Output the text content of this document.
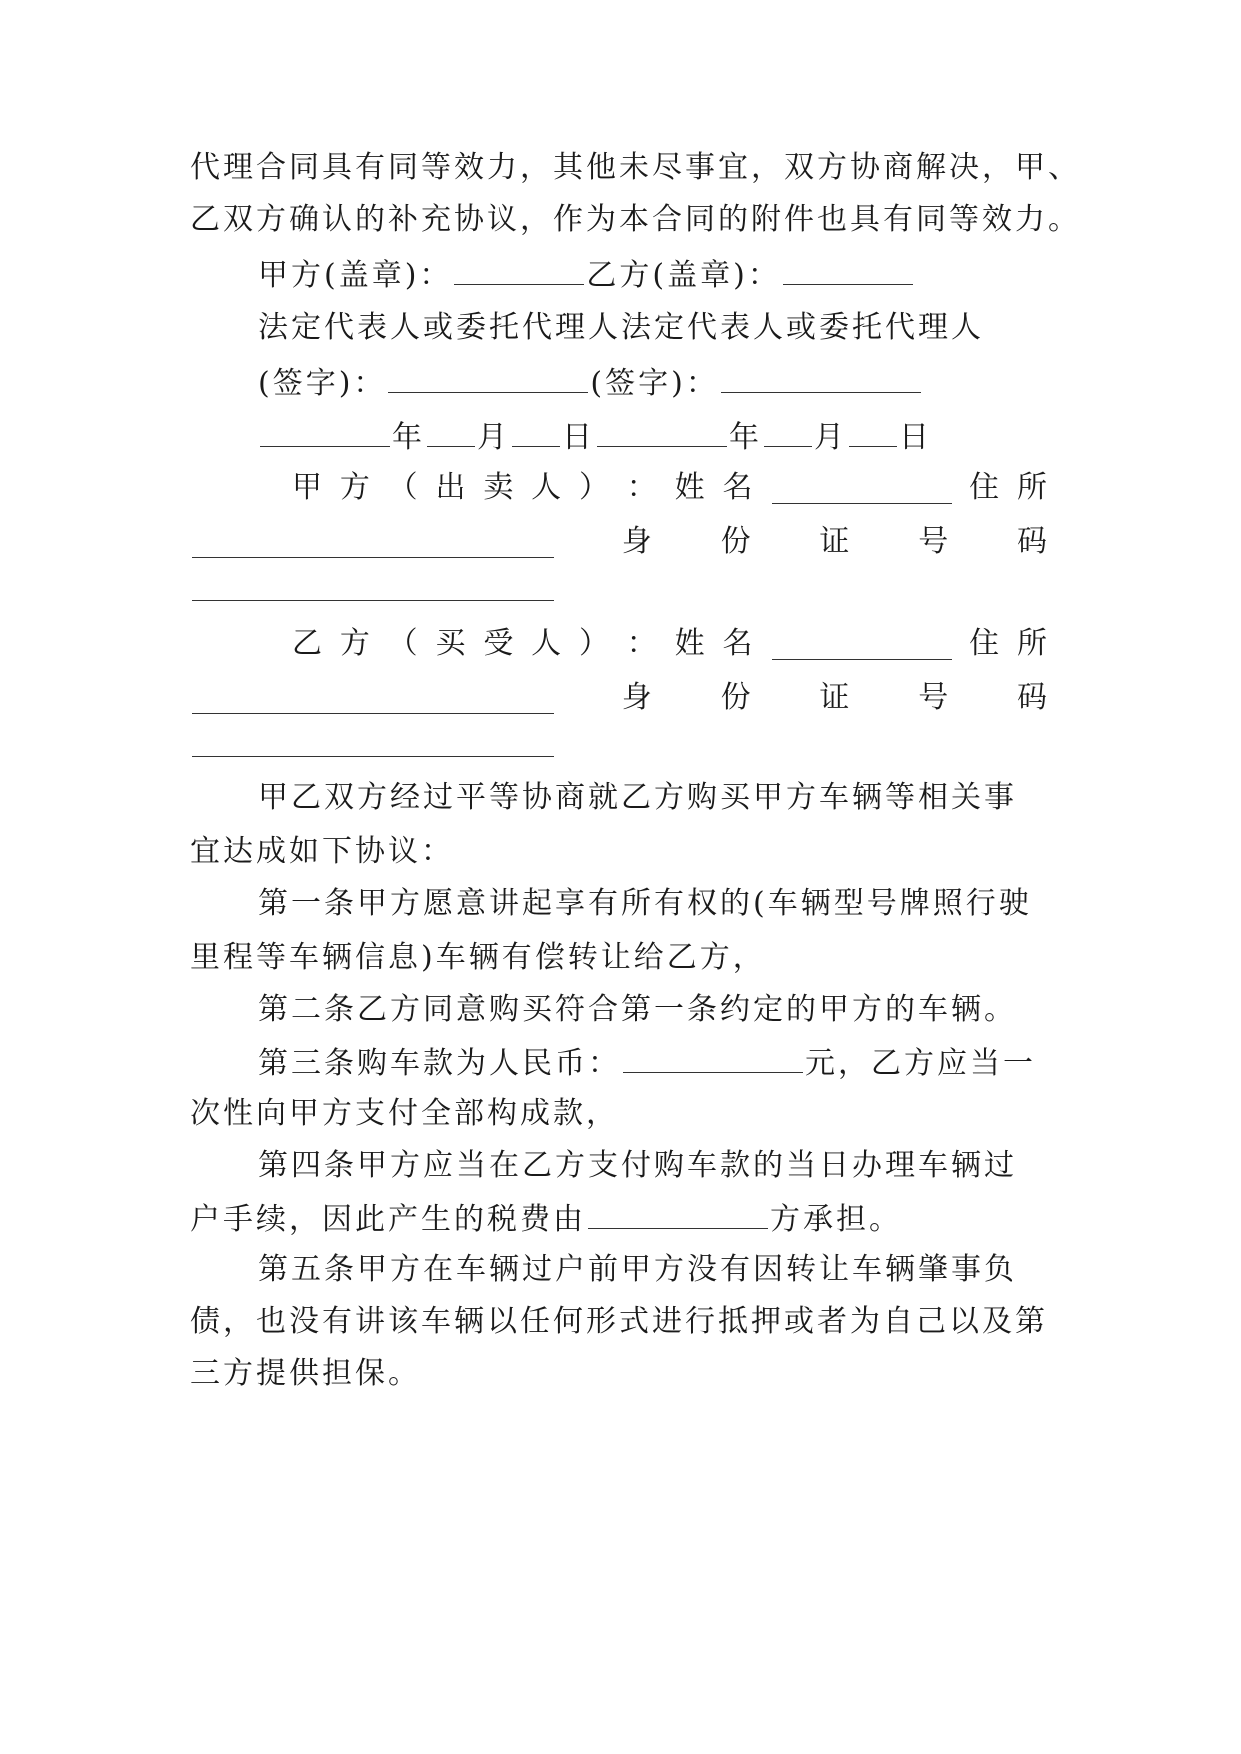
代理合同具有同等效力，其他未尽事宜，双方协商解决，甲、
乙双方确认的补充协议，作为本合同的附件也具有同等效力。
甲方(盖章)：	乙方(盖章)：
法定代表人或委托代理人法定代表人或委托代理人
(签字)：	(签字)：
年 月 日	年 月 日
甲 方 （ 出 卖 人 ） ： 姓 名	住 所
身 份 证 号 码
乙 方 （ 买 受 人 ） ： 姓 名	住 所
身 份 证 号 码
甲乙双方经过平等协商就乙方购买甲方车辆等相关事
宜达成如下协议：
第一条甲方愿意讲起享有所有权的(车辆型号牌照行驶
里程等车辆信息)车辆有偿转让给乙方，
第二条乙方同意购买符合第一条约定的甲方的车辆。
第三条购车款为人民币：	元，乙方应当一
次性向甲方支付全部构成款，
第四条甲方应当在乙方支付购车款的当日办理车辆过
户手续，因此产生的税费由	方承担。
第五条甲方在车辆过户前甲方没有因转让车辆肇事负
债，也没有讲该车辆以任何形式进行抵押或者为自己以及第
三方提供担保。
